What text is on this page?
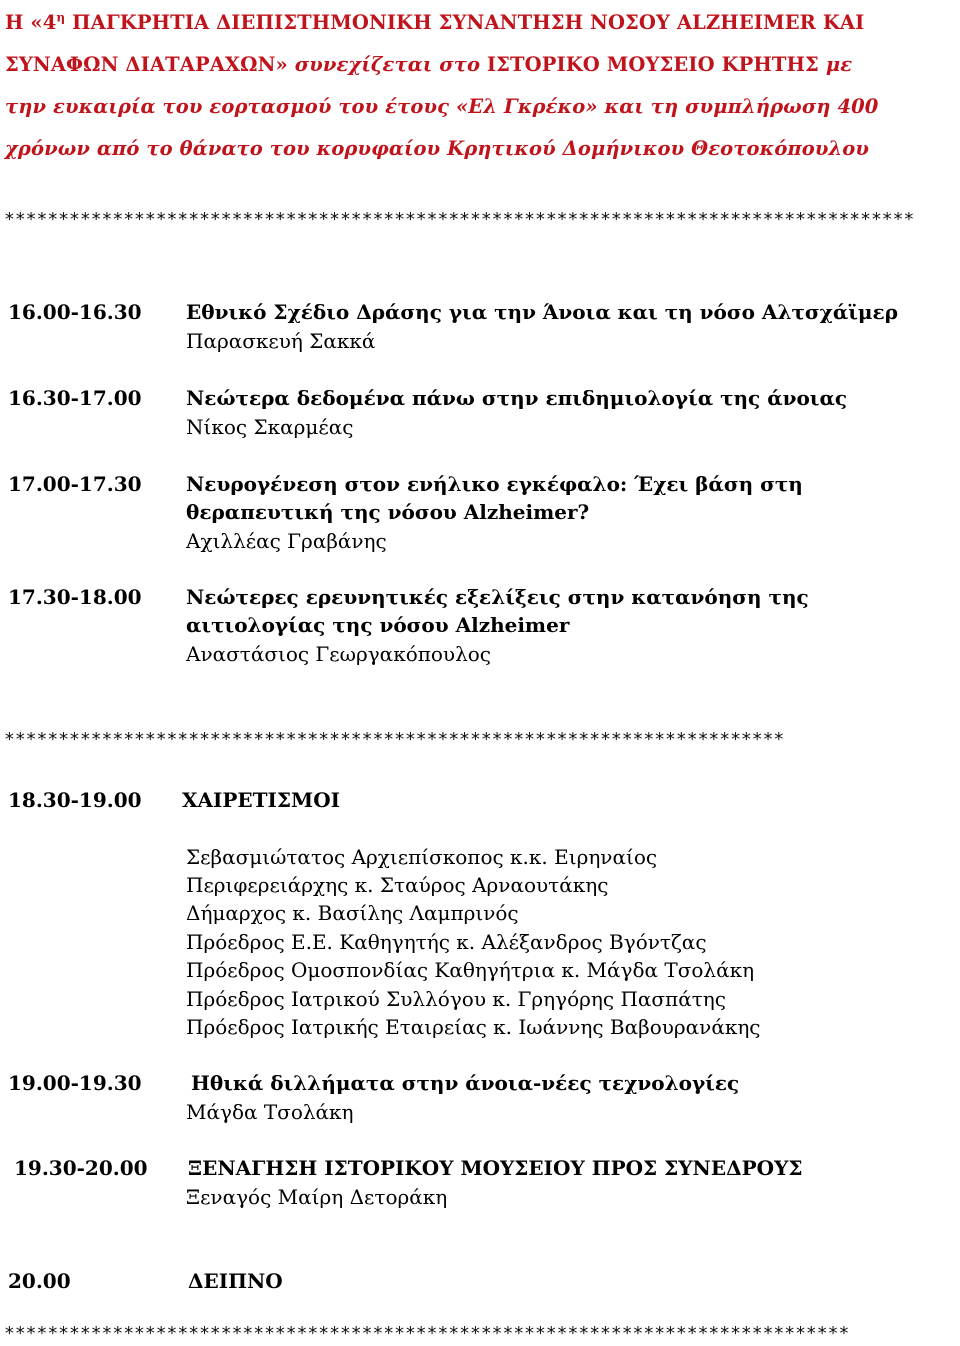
Η «$4^\eta$ ΠΑΓΚΡΗΤΙΑ ΔΙΕΠΙΣΤΗΜΟΝΙΚΗ ΣΥΝΑΝΤΗΣΗ ΝΟΣΟΥ ALZHEIMER ΚΑΙ
ΣΥΝΑΦΩΝ ΔΙΑΤΑΡΑΧΩΝ» συνεχίζεται στο ΙΣΤΟΡΙΚΟ ΜΟΥΣΕΙΟ ΚΡΗΤΗΣ με
την ευκαιρία του εορτασμού του έτους «Ελ Γκρέκο» και τη συμπλήρωση 400
χρόνων από το θάνατο του κορυφαίου Κρητικού Δομήνικου Θεοτοκόπουλου
************************************************************************************
16.00-16.30 Εθνικό Σχέδιο Δράσης για την Άνοια και τη νόσο Αλτσχάϊμερ
Παρασκευή Σακκά
16.30-17.00 Νεώτερα δεδομένα πάνω στην επιδημιολογία της άνοιας
Νίκος Σκαρμέας
17.00-17.30 Νευρογένεση στον ενήλικο εγκέφαλο: Έχει βάση στη
θεραπευτική της νόσου Alzheimer?
Αχιλλέας Γραβάνης
17.30-18.00 Νεώτερες ερευνητικές εξελίξεις στην κατανόηση της
αιτιολογίας της νόσου Alzheimer
Αναστάσιος Γεωργακόπουλος
************************************************************************
18.30-19.00 ΧΑΙΡΕΤΙΣΜΟΙ
Σεβασμιώτατος Αρχιεπίσκοπος κ.κ. Ειρηναίος
Περιφερειάρχης κ. Σταύρος Αρναουτάκης
Δήμαρχος κ. Βασίλης Λαμπρινός
Πρόεδρος Ε.Ε. Καθηγητής κ. Αλέξανδρος Βγόντζας
Πρόεδρος Ομοσπονδίας Καθηγήτρια κ. Μάγδα Τσολάκη
Πρόεδρος Ιατρικού Συλλόγου κ. Γρηγόρης Πασπάτης
Πρόεδρος Ιατρικής Εταιρείας κ. Ιωάννης Βαβουρανάκης
19.00-19.30 Ηθικά διλλήματα στην άνοια-νέες τεχνολογίες
Μάγδα Τσολάκη
19.30-20.00 ΞΕΝΑΓΗΣΗ ΙΣΤΟΡΙΚΟΥ ΜΟΥΣΕΙΟΥ ΠΡΟΣ ΣΥΝΕΔΡΟΥΣ
Ξεναγός Μαίρη Δετοράκη
20.00	ΔΕΙΠΝΟ
******************************************************************************
